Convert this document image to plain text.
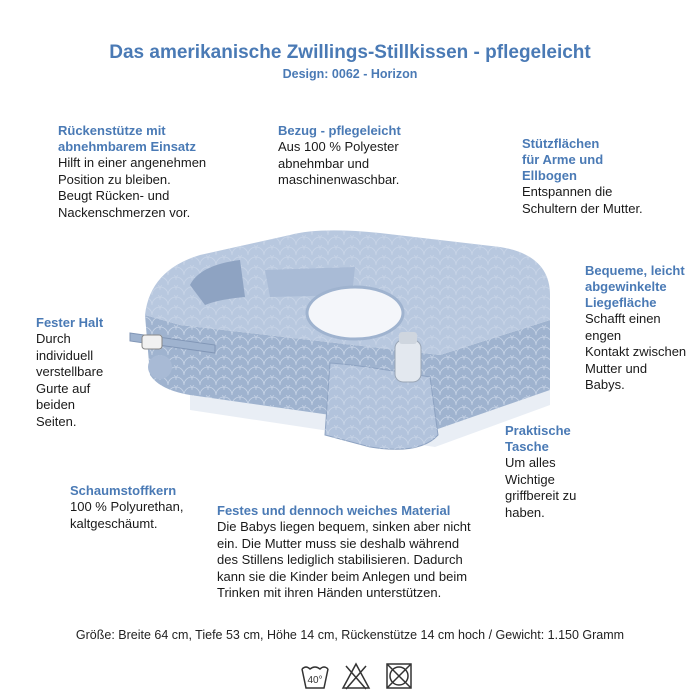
Das amerikanische Zwillings-Stillkissen - pflegeleicht
Design: 0062 - Horizon

Rückenstütze mit

abnehmbarem Einsatz

Hilft in einer angenehmen

Position zu bleiben.

Beugt Rücken- und

Nackenschmerzen vor.

Bezug - pflegeleicht

Aus 100 % Polyester

abnehmbar und

maschinenwaschbar.

Stützflächen

für Arme und

Ellbogen

Entspannen die

Schultern der Mutter.

Bequeme, leicht

abgewinkelte

Liegefläche

Schafft einen

engen

Kontakt zwischen

Mutter und

Babys.

Fester Halt

Durch

individuell

verstellbare

Gurte auf

beiden

Seiten.

Praktische

Tasche

Um alles

Wichtige

griffbereit zu

haben.

Schaumstoffkern

100 % Polyurethan,

kaltgeschäumt.

Festes und dennoch weiches Material

Die Babys liegen bequem, sinken aber nicht

ein. Die Mutter muss sie deshalb während

des Stillens lediglich stabilisieren. Dadurch

kann sie die Kinder beim Anlegen und beim

Trinken mit ihren Händen unterstützen.

Größe: Breite 64 cm, Tiefe 53 cm, Höhe 14 cm, Rückenstütze 14 cm hoch / Gewicht: 1.150 Gramm
40°
